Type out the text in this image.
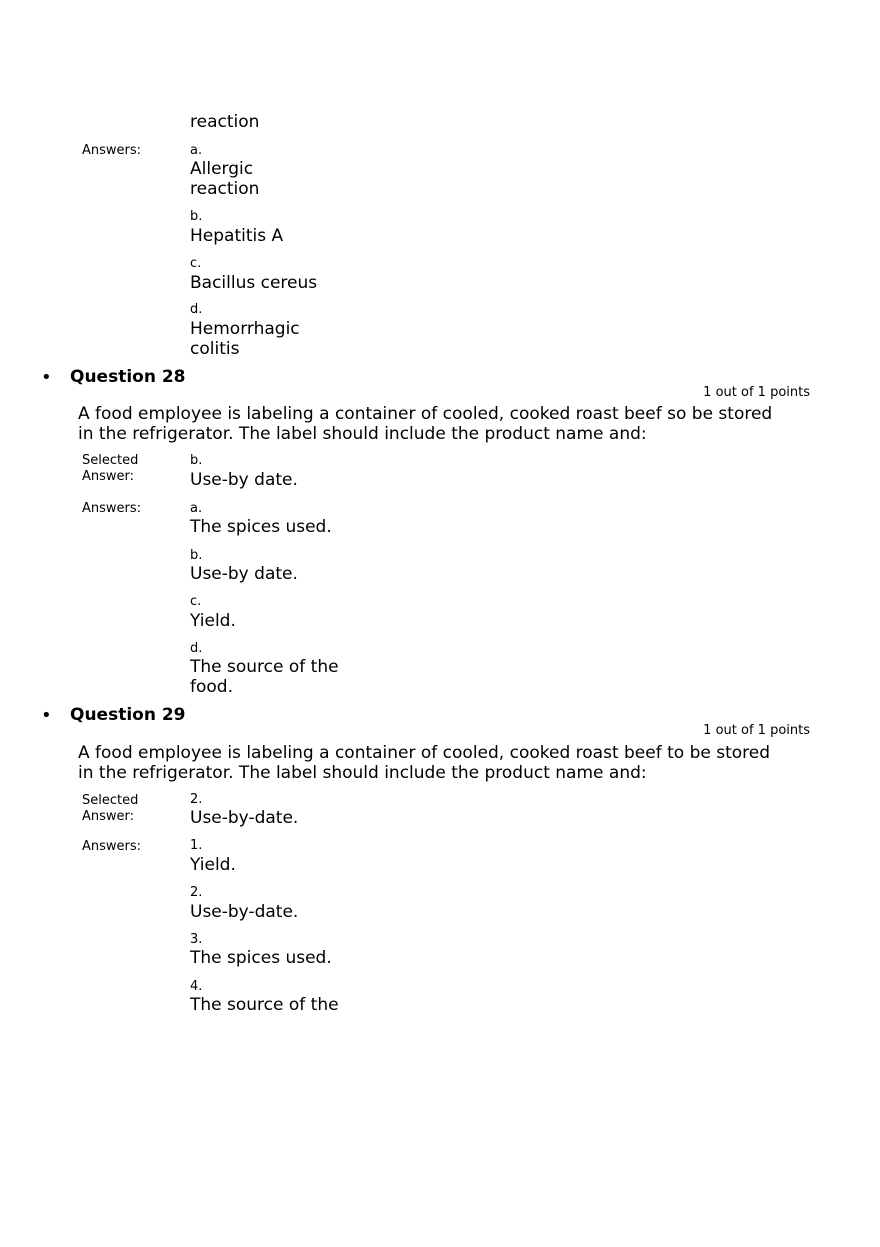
reaction
Answers:	a.
Allergic
reaction
b.
Hepatitis A
c.
Bacillus cereus
d.
Hemorrhagic
colitis
• Question 28
1 out of 1 points
A food employee is labeling a container of cooled, cooked roast beef so be stored in the refrigerator. The label should include the product name and:
Selected
Answer:
b.
Use-by date.
Answers:	a.
The spices used.
b.
Use-by date.
c.
Yield.
d.
The source of the
food.
• Question 29
1 out of 1 points
A food employee is labeling a container of cooled, cooked roast beef to be stored in the refrigerator. The label should include the product name and:
Selected
Answer:
2.
Use-by-date.
Answers:	1.
Yield.
2.
Use-by-date.
3.
The spices used.
4.
The source of the
